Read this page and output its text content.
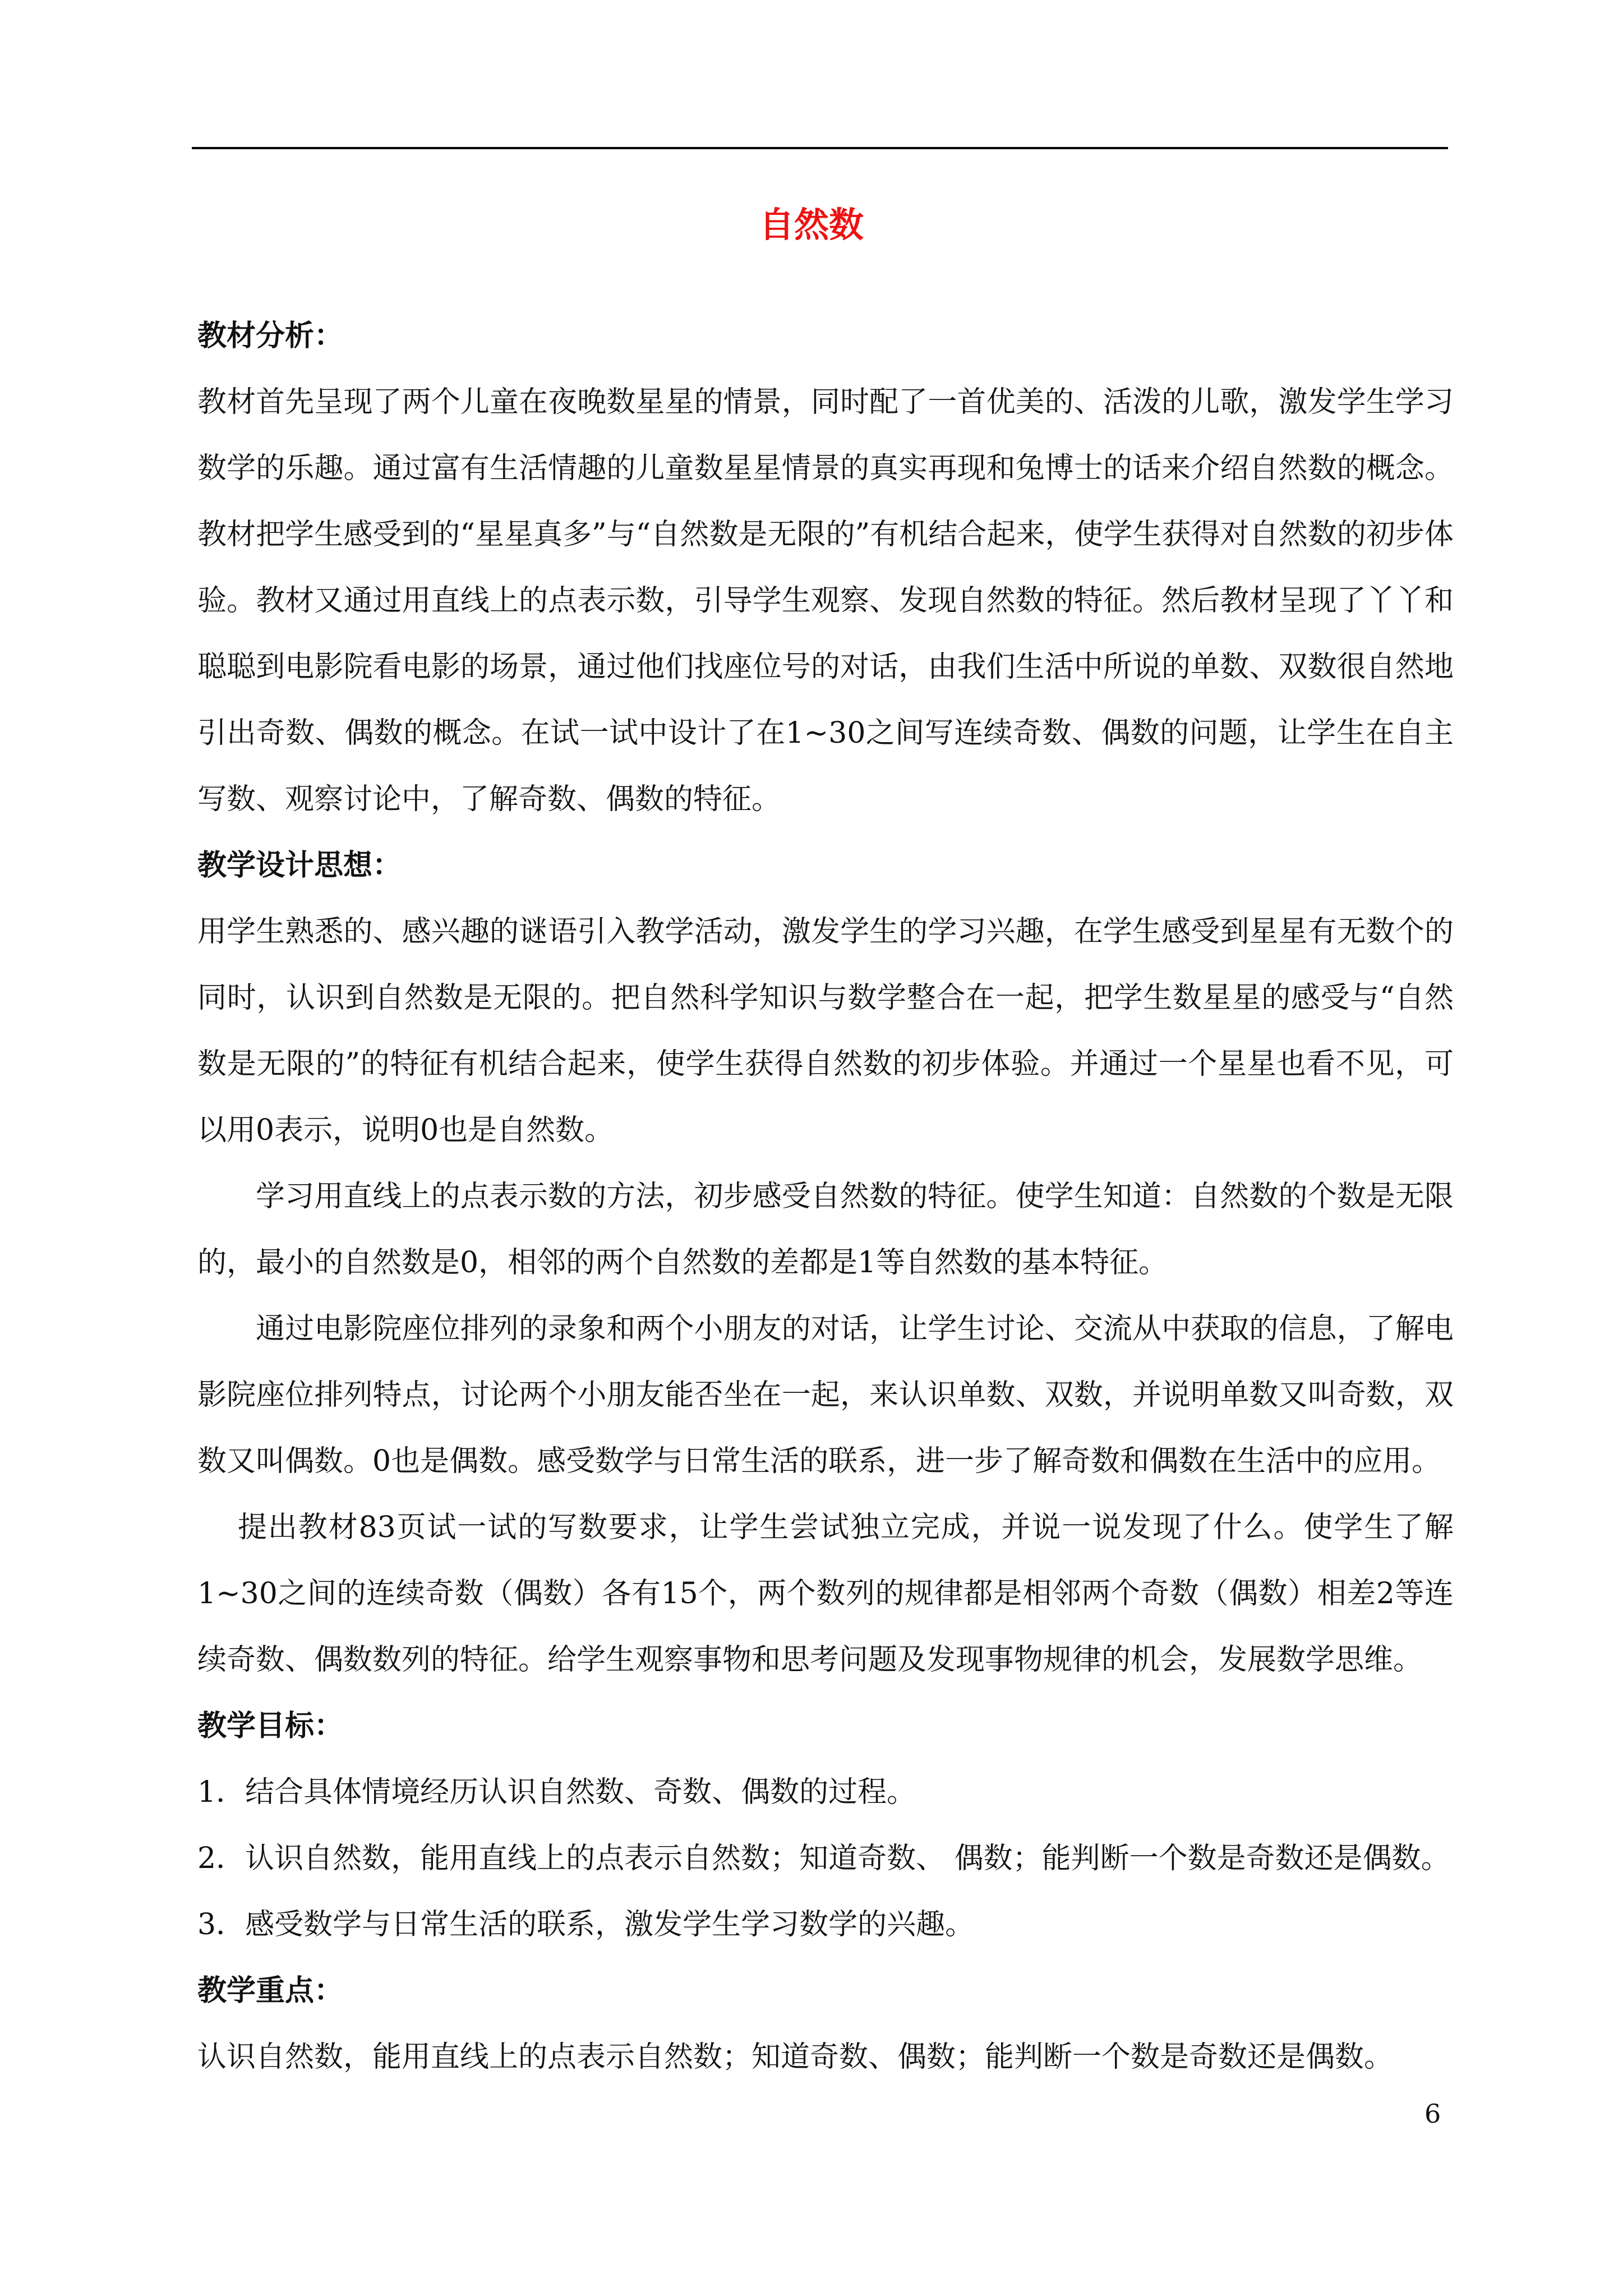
自然数

教材分析：

教材首先呈现了两个儿童在夜晚数星星的情景，同时配了一首优美的、活泼的儿歌，激发学生学习数学的乐趣。通过富有生活情趣的儿童数星星情景的真实再现和兔博士的话来介绍自然数的概念。教材把学生感受到的“星星真多”与“自然数是无限的”有机结合起来，使学生获得对自然数的初步体验。教材又通过用直线上的点表示数，引导学生观察、发现自然数的特征。然后教材呈现了丫丫和聪聪到电影院看电影的场景，通过他们找座位号的对话，由我们生活中所说的单数、双数很自然地引出奇数、偶数的概念。在试一试中设计了在1~30之间写连续奇数、偶数的问题，让学生在自主写数、观察讨论中，了解奇数、偶数的特征。

教学设计思想：

用学生熟悉的、感兴趣的谜语引入教学活动，激发学生的学习兴趣，在学生感受到星星有无数个的同时，认识到自然数是无限的。把自然科学知识与数学整合在一起，把学生数星星的感受与“自然数是无限的”的特征有机结合起来，使学生获得自然数的初步体验。并通过一个星星也看不见，可以用0表示，说明0也是自然数。

学习用直线上的点表示数的方法，初步感受自然数的特征。使学生知道：自然数的个数是无限的，最小的自然数是0，相邻的两个自然数的差都是1等自然数的基本特征。

通过电影院座位排列的录象和两个小朋友的对话，让学生讨论、交流从中获取的信息，了解电影院座位排列特点，讨论两个小朋友能否坐在一起，来认识单数、双数，并说明单数又叫奇数，双数又叫偶数。0也是偶数。感受数学与日常生活的联系，进一步了解奇数和偶数在生活中的应用。

提出教材83页试一试的写数要求，让学生尝试独立完成，并说一说发现了什么。使学生了解1~30之间的连续奇数（偶数）各有15个，两个数列的规律都是相邻两个奇数（偶数）相差2等连续奇数、偶数数列的特征。给学生观察事物和思考问题及发现事物规律的机会，发展数学思维。

教学目标：

1．结合具体情境经历认识自然数、奇数、偶数的过程。

2．认识自然数，能用直线上的点表示自然数；知道奇数、 偶数；能判断一个数是奇数还是偶数。

3．感受数学与日常生活的联系，激发学生学习数学的兴趣。

教学重点：

认识自然数，能用直线上的点表示自然数；知道奇数、偶数；能判断一个数是奇数还是偶数。

6
